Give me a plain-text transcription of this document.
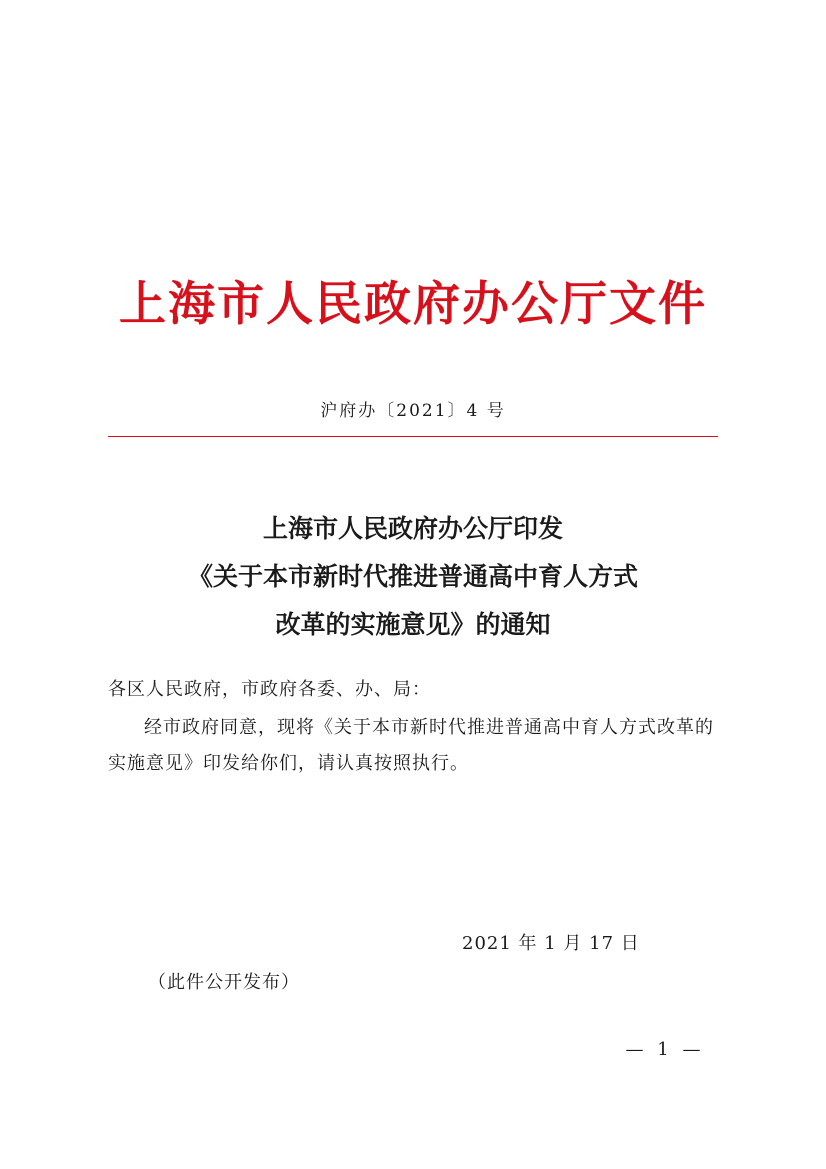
上海市人民政府办公厅文件
沪府办〔2021〕4 号
上海市人民政府办公厅印发
《关于本市新时代推进普通高中育人方式
改革的实施意见》的通知
各区人民政府，市政府各委、办、局：
经市政府同意，现将《关于本市新时代推进普通高中育人方式改革的实施意见》印发给你们，请认真按照执行。
2021 年 1 月 17 日
（此件公开发布）
— 1 —
